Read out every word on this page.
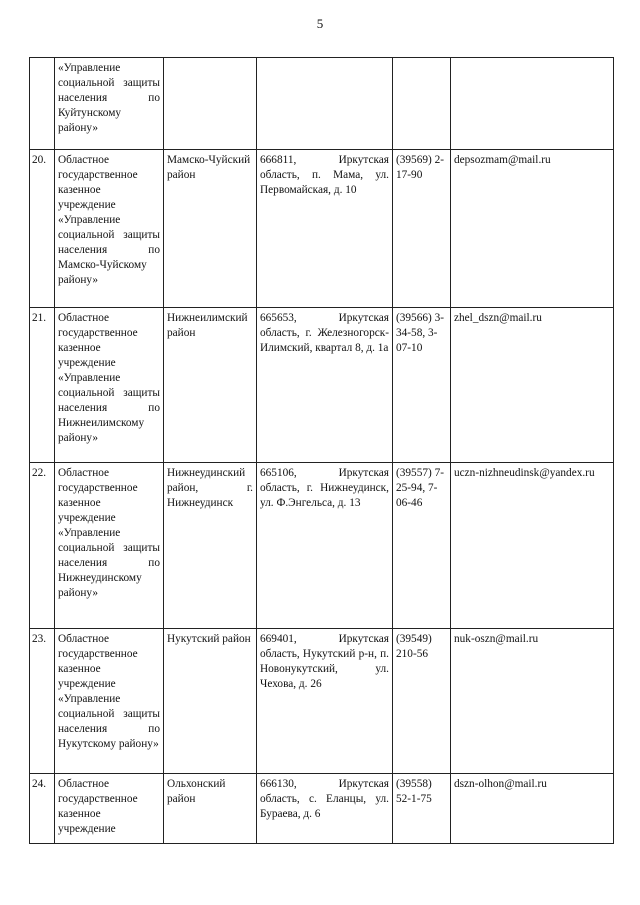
5
	«Управление социальной защиты населения по Куйтунскому району»				
20.	Областное государственное казенное учреждение «Управление социальной защиты населения по Мамско-Чуйскому району»	Мамско-Чуйский район	666811, Иркутская область, п. Мама, ул. Первомайская, д. 10	(39569) 2-17-90	depsozmam@mail.ru
21.	Областное государственное казенное учреждение «Управление социальной защиты населения по Нижнеилимскому району»	Нижнеилимский район	665653, Иркутская область, г. Железногорск-Илимский, квартал 8, д. 1а	(39566) 3-34-58, 3-07-10	zhel_dszn@mail.ru
22.	Областное государственное казенное учреждение «Управление социальной защиты населения по Нижнеудинскому району»	Нижнеудинский район, г. Нижнеудинск	665106, Иркутская область, г. Нижнеудинск, ул. Ф.Энгельса, д. 13	(39557) 7-25-94, 7-06-46	uczn-nizhneudinsk@yandex.ru
23.	Областное государственное казенное учреждение «Управление социальной защиты населения по Нукутскому району»	Нукутский район	669401, Иркутская область, Нукутский р-н, п. Новонукутский, ул. Чехова, д. 26	(39549) 210-56	nuk-oszn@mail.ru
24.	Областное государственное казенное учреждение	Ольхонский район	666130, Иркутская область, с. Еланцы, ул. Бураева, д. 6	(39558) 52-1-75	dszn-olhon@mail.ru
